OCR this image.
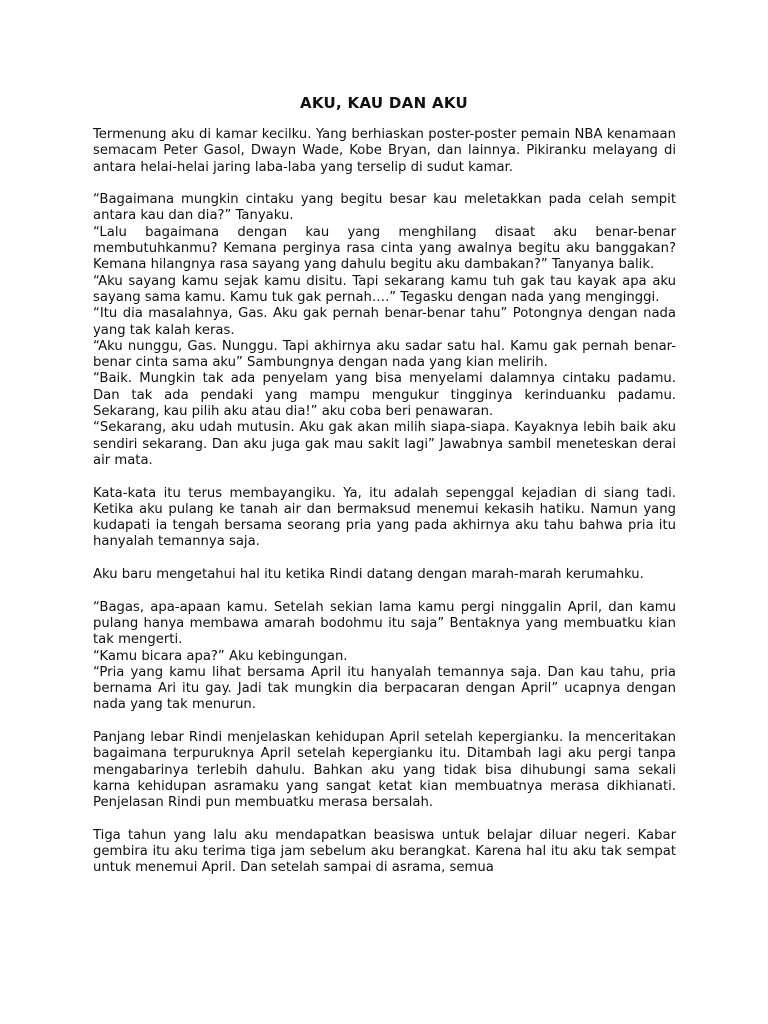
AKU, KAU DAN AKU

Termenung aku di kamar kecilku. Yang berhiaskan poster-poster pemain NBA kenamaan semacam Peter Gasol, Dwayn Wade, Kobe Bryan, dan lainnya. Pikiranku melayang di antara helai-helai jaring laba-laba yang terselip di sudut kamar.

“Bagaimana mungkin cintaku yang begitu besar kau meletakkan pada celah sempit antara kau dan dia?” Tanyaku.

“Lalu bagaimana dengan kau yang menghilang disaat aku benar-benar membutuhkanmu? Kemana perginya rasa cinta yang awalnya begitu aku banggakan? Kemana hilangnya rasa sayang yang dahulu begitu aku dambakan?” Tanyanya balik.

“Aku sayang kamu sejak kamu disitu. Tapi sekarang kamu tuh gak tau kayak apa aku sayang sama kamu. Kamu tuk gak pernah….” Tegasku dengan nada yang menginggi.

“Itu dia masalahnya, Gas. Aku gak pernah benar-benar tahu” Potongnya dengan nada yang tak kalah keras.

“Aku nunggu, Gas. Nunggu. Tapi akhirnya aku sadar satu hal. Kamu gak pernah benar-benar cinta sama aku” Sambungnya dengan nada yang kian melirih.

“Baik. Mungkin tak ada penyelam yang bisa menyelami dalamnya cintaku padamu. Dan tak ada pendaki yang mampu mengukur tingginya kerinduanku padamu. Sekarang, kau pilih aku atau dia!” aku coba beri penawaran.

“Sekarang, aku udah mutusin. Aku gak akan milih siapa-siapa. Kayaknya lebih baik aku sendiri sekarang. Dan aku juga gak mau sakit lagi” Jawabnya sambil meneteskan derai air mata.

Kata-kata itu terus membayangiku. Ya, itu adalah sepenggal kejadian di siang tadi. Ketika aku pulang ke tanah air dan bermaksud menemui kekasih hatiku. Namun yang kudapati ia tengah bersama seorang pria yang pada akhirnya aku tahu bahwa pria itu hanyalah temannya saja.

Aku baru mengetahui hal itu ketika Rindi datang dengan marah-marah kerumahku.

“Bagas, apa-apaan kamu. Setelah sekian lama kamu pergi ninggalin April, dan kamu pulang hanya membawa amarah bodohmu itu saja” Bentaknya yang membuatku kian tak mengerti.

“Kamu bicara apa?” Aku kebingungan.

“Pria yang kamu lihat bersama April itu hanyalah temannya saja. Dan kau tahu, pria bernama Ari itu gay. Jadi tak mungkin dia berpacaran dengan April” ucapnya dengan nada yang tak menurun.

Panjang lebar Rindi menjelaskan kehidupan April setelah kepergianku. Ia menceritakan bagaimana terpuruknya April setelah kepergianku itu. Ditambah lagi aku pergi tanpa mengabarinya terlebih dahulu. Bahkan aku yang tidak bisa dihubungi sama sekali karna kehidupan asramaku yang sangat ketat kian membuatnya merasa dikhianati. Penjelasan Rindi pun membuatku merasa bersalah.

Tiga tahun yang lalu aku mendapatkan beasiswa untuk belajar diluar negeri. Kabar gembira itu aku terima tiga jam sebelum aku berangkat. Karena hal itu aku tak sempat untuk menemui April. Dan setelah sampai di asrama, semua
